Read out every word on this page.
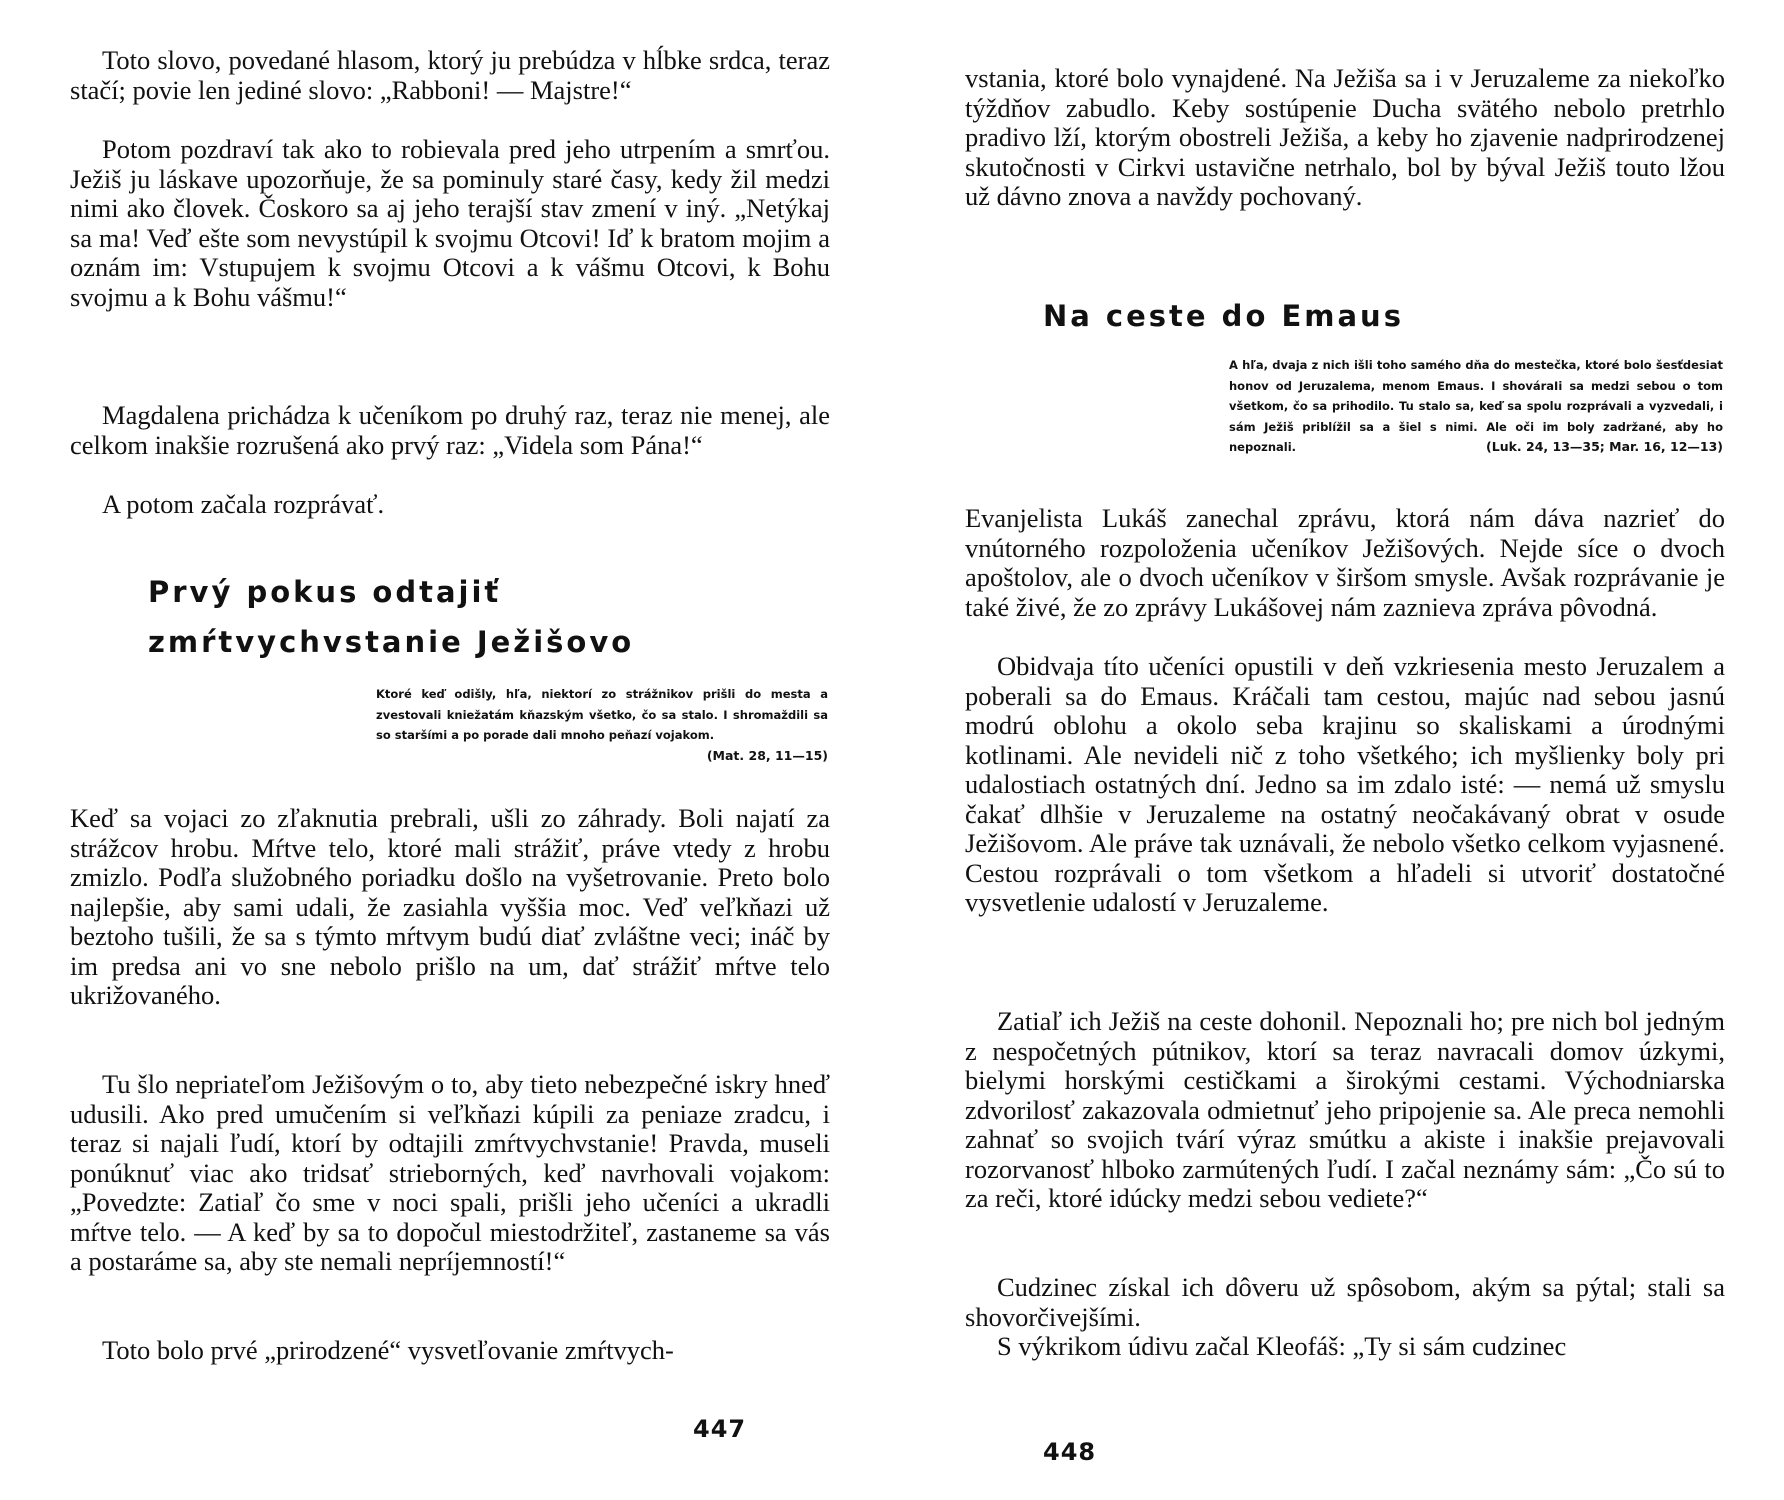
Toto slovo, povedané hlasom, ktorý ju prebúdza v hĺbke srdca, teraz stačí; povie len jediné slovo: „Rabboni! — Majstre!“

Potom pozdraví tak ako to robievala pred jeho utrpením a smrťou. Ježiš ju láskave upozorňuje, že sa pominuly staré časy, kedy žil medzi nimi ako človek. Čoskoro sa aj jeho terajší stav zmení v iný. „Netýkaj sa ma! Veď ešte som nevystúpil k svojmu Otcovi! Iď k bratom mojim a oznám im: Vstupujem k svojmu Otcovi a k vášmu Otcovi, k Bohu svojmu a k Bohu vášmu!“

Magdalena prichádza k učeníkom po druhý raz, teraz nie menej, ale celkom inakšie rozrušená ako prvý raz: „Videla som Pána!“

A potom začala rozprávať.

Prvý pokus odtajiť
zmŕtvychvstanie Ježišovo
Ktoré keď odišly, hľa, niektorí zo strážnikov prišli do mesta a zvestovali kniežatám kňazským všetko, čo sa stalo. I shromaždili sa so staršími a po porade dali mnoho peňazí vojakom.
(Mat. 28, 11—15)

Keď sa vojaci zo zľaknutia prebrali, ušli zo záhrady. Boli najatí za strážcov hrobu. Mŕtve telo, ktoré mali strážiť, práve vtedy z hrobu zmizlo. Podľa služobného poriadku došlo na vyšetrovanie. Preto bolo najlepšie, aby sami udali, že zasiahla vyššia moc. Veď veľkňazi už beztoho tušili, že sa s týmto mŕtvym budú diať zvláštne veci; ináč by im predsa ani vo sne nebolo prišlo na um, dať strážiť mŕtve telo ukrižovaného.

Tu šlo nepriateľom Ježišovým o to, aby tieto nebezpečné iskry hneď udusili. Ako pred umučením si veľkňazi kúpili za peniaze zradcu, i teraz si najali ľudí, ktorí by odtajili zmŕtvychvstanie! Pravda, museli ponúknuť viac ako tridsať strieborných, keď navrhovali vojakom: „Povedzte: Zatiaľ čo sme v noci spali, prišli jeho učeníci a ukradli mŕtve telo. — A keď by sa to dopočul miestodržiteľ, zastaneme sa vás a postaráme sa, aby ste nemali nepríjemností!“

Toto bolo prvé „prirodzené“ vysvetľovanie zmŕtvych-

447

vstania, ktoré bolo vynajdené. Na Ježiša sa i v Jeruzaleme za niekoľko týždňov zabudlo. Keby sostúpenie Ducha svätého nebolo pretrhlo pradivo lží, ktorým obostreli Ježiša, a keby ho zjavenie nadprirodzenej skutočnosti v Cirkvi ustavične netrhalo, bol by býval Ježiš touto lžou už dávno znova a navždy pochovaný.

Na ceste do Emaus
A hľa, dvaja z nich išli toho samého dňa do mestečka, ktoré bolo šesťdesiat honov od Jeruzalema, menom Emaus. I shováraIi sa medzi sebou o tom všetkom, čo sa prihodilo. Tu stalo sa, keď sa spolu rozprávali a vyzvedali, i sám Ježiš priblížil sa a šiel s nimi. Ale oči im boly zadržané, aby ho nepoznali.	(Luk. 24, 13—35; Mar. 16, 12—13)

Evanjelista Lukáš zanechal zprávu, ktorá nám dáva nazrieť do vnútorného rozpoloženia učeníkov Ježišových. Nejde síce o dvoch apoštolov, ale o dvoch učeníkov v širšom smysle. Avšak rozprávanie je také živé, že zo zprávy Lukášovej nám zaznieva zpráva pôvodná.

Obidvaja títo učeníci opustili v deň vzkriesenia mesto Jeruzalem a poberali sa do Emaus. Kráčali tam cestou, majúc nad sebou jasnú modrú oblohu a okolo seba krajinu so skaliskami a úrodnými kotlinami. Ale nevideli nič z toho všetkého; ich myšlienky boly pri udalostiach ostatných dní. Jedno sa im zdalo isté: — nemá už smyslu čakať dlhšie v Jeruzaleme na ostatný neočakávaný obrat v osude Ježišovom. Ale práve tak uznávali, že nebolo všetko celkom vyjasnené. Cestou rozprávali o tom všetkom a hľadeli si utvoriť dostatočné vysvetlenie udalostí v Jeruzaleme.

Zatiaľ ich Ježiš na ceste dohonil. Nepoznali ho; pre nich bol jedným z nespočetných pútnikov, ktorí sa teraz navracali domov úzkymi, bielymi horskými cestičkami a širokými cestami. Východniarska zdvorilosť zakazovala odmietnuť jeho pripojenie sa. Ale preca nemohli zahnať so svojich tvárí výraz smútku a akiste i inakšie prejavovali rozorvanosť hlboko zarmútených ľudí. I začal neznámy sám: „Čo sú to za reči, ktoré idúcky medzi sebou vediete?“

Cudzinec získal ich dôveru už spôsobom, akým sa pýtal; stali sa shovorčivejšími.

S výkrikom údivu začal Kleofáš: „Ty si sám cudzinec

448
